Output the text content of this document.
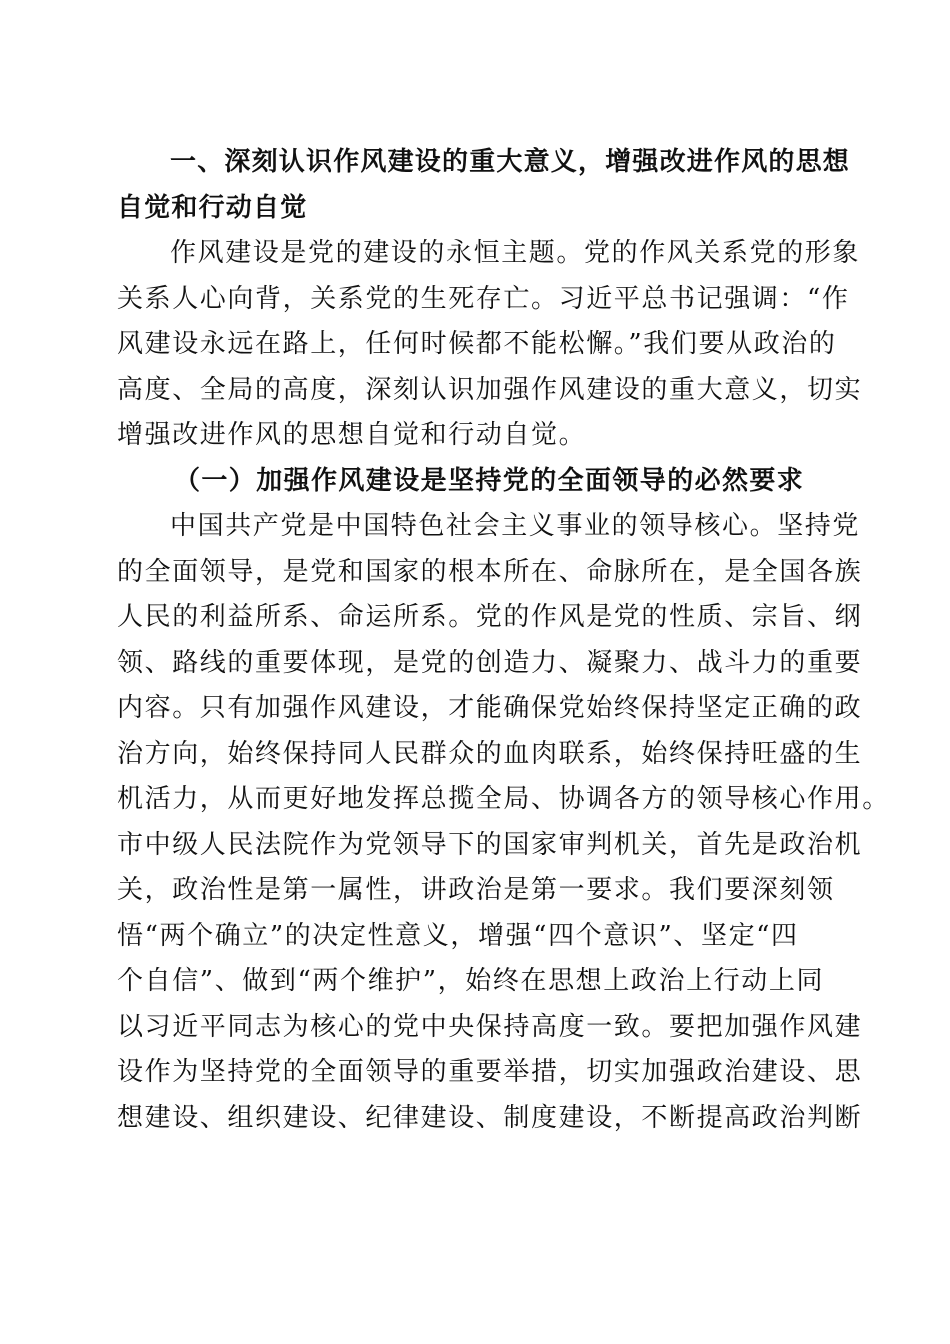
一、深刻认识作风建设的重大意义，增强改进作风的思想
自觉和行动自觉
作风建设是党的建设的永恒主题。党的作风关系党的形象
关系人心向背，关系党的生死存亡。习近平总书记强调：“作
风建设永远在路上，任何时候都不能松懈。”我们要从政治的
高度、全局的高度，深刻认识加强作风建设的重大意义，切实
增强改进作风的思想自觉和行动自觉。
（一）加强作风建设是坚持党的全面领导的必然要求
中国共产党是中国特色社会主义事业的领导核心。坚持党
的全面领导，是党和国家的根本所在、命脉所在，是全国各族
人民的利益所系、命运所系。党的作风是党的性质、宗旨、纲
领、路线的重要体现，是党的创造力、凝聚力、战斗力的重要
内容。只有加强作风建设，才能确保党始终保持坚定正确的政
治方向，始终保持同人民群众的血肉联系，始终保持旺盛的生
机活力，从而更好地发挥总揽全局、协调各方的领导核心作用。
市中级人民法院作为党领导下的国家审判机关，首先是政治机
关，政治性是第一属性，讲政治是第一要求。我们要深刻领
悟“两个确立”的决定性意义，增强“四个意识”、坚定“四
个自信”、做到“两个维护”，始终在思想上政治上行动上同
以习近平同志为核心的党中央保持高度一致。要把加强作风建
设作为坚持党的全面领导的重要举措，切实加强政治建设、思
想建设、组织建设、纪律建设、制度建设，不断提高政治判断
